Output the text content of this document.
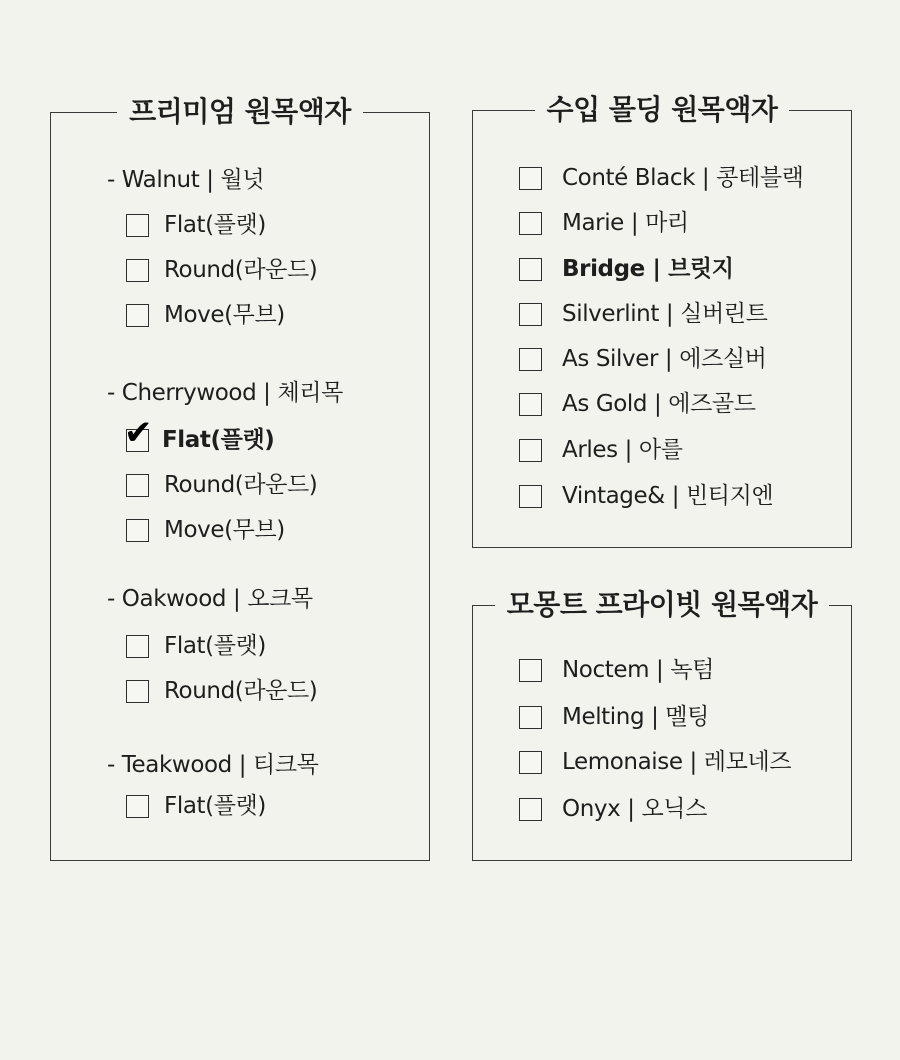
프리미엄 원목액자
- Walnut | 월넛
Flat(플랫)
Round(라운드)
Move(무브)
- Cherrywood | 체리목
✔ Flat(플랫)
Round(라운드)
Move(무브)
- Oakwood | 오크목
Flat(플랫)
Round(라운드)
- Teakwood | 티크목
Flat(플랫)
수입 몰딩 원목액자
Conté Black | 콩테블랙
Marie | 마리
Bridge | 브릿지
Silverlint | 실버린트
As Silver | 에즈실버
As Gold | 에즈골드
Arles | 아를
Vintage& | 빈티지엔
모몽트 프라이빗 원목액자
Noctem | 녹텀
Melting | 멜팅
Lemonaise | 레모네즈
Onyx | 오닉스
